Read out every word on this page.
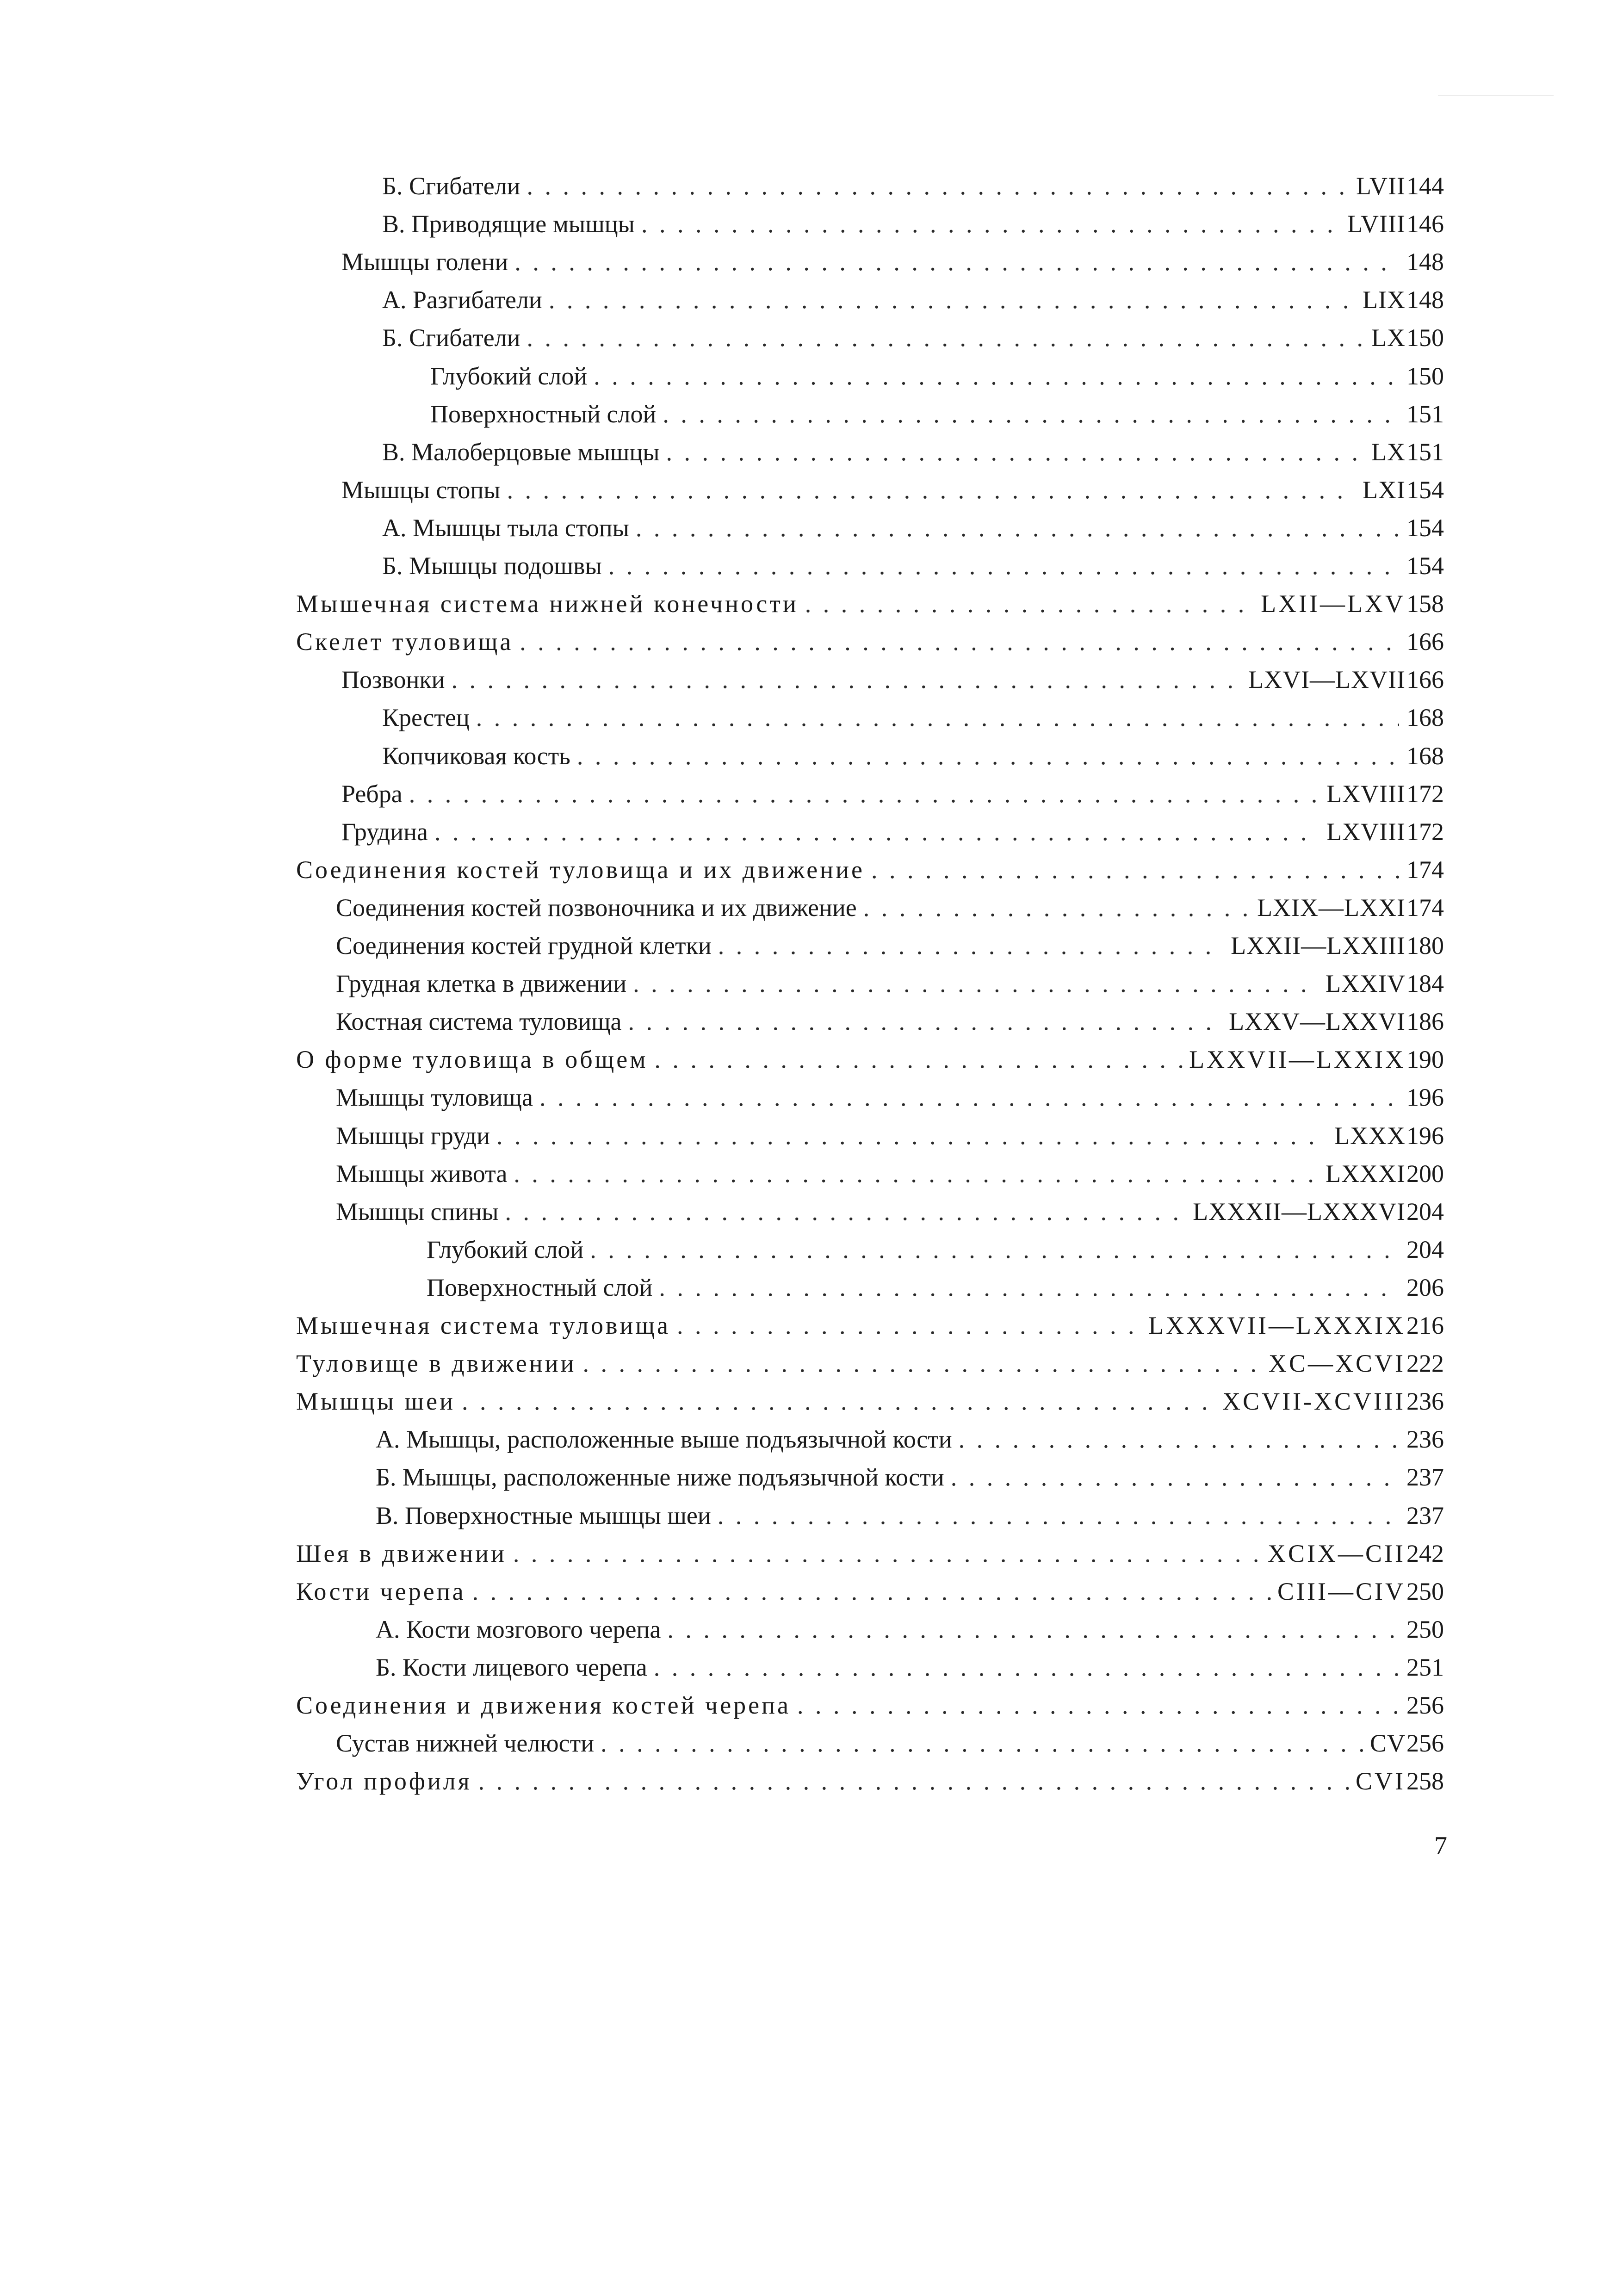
Б. Сгибатели . . .	LVII 144
В. Приводящие мышцы . . .	LVIII 146
Мышцы голени . . .	148
А. Разгибатели . . .	LIX 148
Б. Сгибатели . . .	LX 150
Глубокий слой . . .	150
Поверхностный слой . . .	151
В. Малоберцовые мышцы . . .	LX 151
Мышцы стопы . . .	LXI 154
А. Мышцы тыла стопы . . .	154
Б. Мышцы подошвы . . .	154
Мышечная система нижней конечности . . .	LXII—LXV 158
Скелет туловища . . .	166
Позвонки . . .	LXVI—LXVII 166
Крестец . . .	168
Копчиковая кость . . .	168
Ребра . . .	LXVIII 172
Грудина . . .	LXVIII 172
Соединения костей туловища и их движение . . .	174
Соединения костей позвоночника и их движение . . .	LXIX—LXXI 174
Соединения костей грудной клетки . . .	LXXII—LXXIII 180
Грудная клетка в движении . . .	LXXIV 184
Костная система туловища . . .	LXXV—LXXVI 186
О форме туловища в общем . . .	LXXVII—LXXIX 190
Мышцы туловища . . .	196
Мышцы груди . . .	LXXX 196
Мышцы живота . . .	LXXXI 200
Мышцы спины . . .	LXXXII—LXXXVI 204
Глубокий слой . . .	204
Поверхностный слой . . .	206
Мышечная система туловища . . .	LXXXVII—LXXXIX 216
Туловище в движении . . .	XC—XCVI 222
Мышцы шеи . . .	XCVII-XCVIII 236
А. Мышцы, расположенные выше подъязычной кости . . .	236
Б. Мышцы, расположенные ниже подъязычной кости . . .	237
В. Поверхностные мышцы шеи . . .	237
Шея в движении . . .	XCIX—CII 242
Кости черепа . . .	CIII—CIV 250
А. Кости мозгового черепа . . .	250
Б. Кости лицевого черепа . . .	251
Соединения и движения костей черепа . . .	256
Сустав нижней челюсти . . .	CV 256
Угол профиля . . .	CVI 258
7
